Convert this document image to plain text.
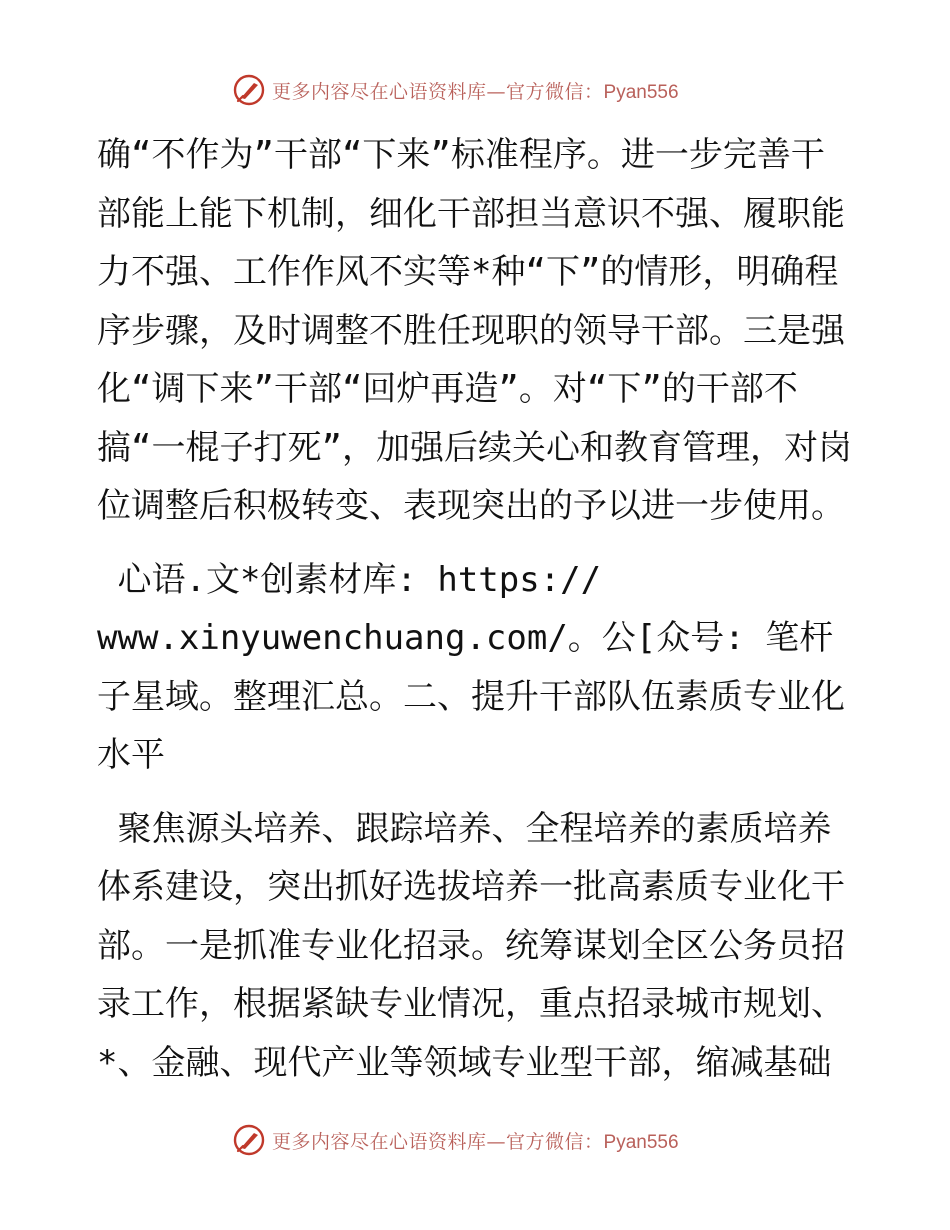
更多内容尽在心语资料库—官方微信：Pyan556

确“不作为”干部“下来”标准程序。进一步完善干部能上能下机制，细化干部担当意识不强、履职能力不强、工作作风不实等*种“下”的情形，明确程序步骤，及时调整不胜任现职的领导干部。三是强化“调下来”干部“回炉再造”。对“下”的干部不搞“一棍子打死”，加强后续关心和教育管理，对岗位调整后积极转变、表现突出的予以进一步使用。

心语.文*创素材库: https://
www.xinyuwenchuang.com/。公[众号: 笔杆子星域。整理汇总。二、提升干部队伍素质专业化水平

聚焦源头培养、跟踪培养、全程培养的素质培养体系建设，突出抓好选拔培养一批高素质专业化干部。一是抓准专业化招录。统筹谋划全区公务员招录工作，根据紧缺专业情况，重点招录城市规划、*、金融、现代产业等领域专业型干部，缩减基础

更多内容尽在心语资料库—官方微信：Pyan556
